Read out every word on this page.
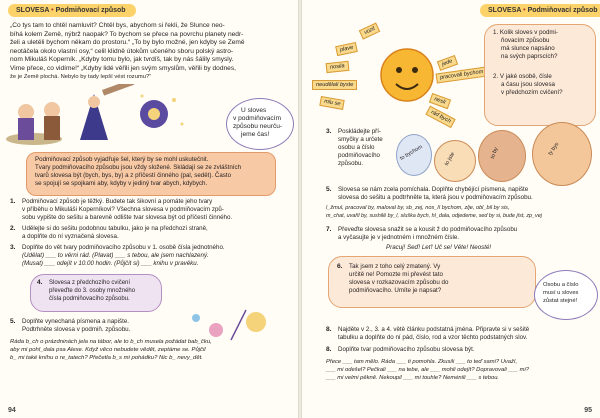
SLOVESA • Podmiňovací způsob
„Co tys tam to chtěl namluvit? Chtěl bys, abychom si řekli, že Slunce neo-
bíhá kolem Země, nýbrž naopak? To bychom se přece na povrchu planety nedr-
želi a uletěli bychom někam do prostoru.“ „To by bylo možné, jen kdyby se Země
neotáčela okolo vlastní osy,“ celil klidně útokům učeného sboru polský astro-
nom Mikuláš Koperník. „Kdyby tomu bylo, jak tvrdíš, tak by nás šálily smysly.
Vime přece, co vidíme!“ „Kdyby lidé věřili jen svým smyslům, věřili by dodnes,
že je Země plochá. Nebylo by tady lepší vést rozumu?“
U sloves
v podmiňovacím
způsobu neurču-
jeme čas!
Podmiňovací způsob vyjadřuje šel, který by se mohl uskutečnit.
Tvary podmiňovacího způsobu jsou vždy složené. Skládají se ze zvláštních
tvarů slovesa být (bych, bys, by) a z příčestí činného (pal, sedět). Často
se spojují se spojkami aby, kdyby v jediný tvar abych, kdybych.
1. Podmiňovací způsob je těžký. Budete tak šikovní a pomáte jeho tvary
v příběhu o Mikuláši Koperníkovi? Všechna slovesa v podmiňovacím způ-
sobu vypište do sešitu a barevně odlište tvar slovesa být od příčestí činného.
2. Udělejte si do sešitu podobnou tabulku, jako je na předchozí straně,
a doplňte do ní vyznačená slovesa.
3. Doplňte do vět tvary podmiňovacího způsobu v 1. osobě čísla jednotného.
(Udělat) ___ to věrni rád. (Plavat) ___ s tebou, ale jsem nachlazený.
(Musat) ___ odejít v 10.00 hodin. (Půjčit si) ___ knihu v pravěku.
4. Slovesa z předchozího cvičení
převeďte do 3. osoby množného
čísla podmiňovacího způsobu.
5. Doplňte vynechaná písmena a napište.
Podtrhněte slovesa v podmiň. způsobu.
Ráda b_ch o prázdninách jela na tábor, ale to b_ch musela požádat bab_čku,
aby mi pohl_dala psa Alexe. Když věco nebudete vědět, zeptáme se. Půjčil
b_ mi také kníhu o re_tatech? Přečetla b_s mi pohádku? Nic b_ nevy_dět.
94
SLOVESA • Podmiňovací způsob
vozil
plave
nosila
neudělali byste
mlu se
pracovali bychom
jede
nesli
rád bych
1. Kolik sloves v podmi-
ňovacím způsobu
má slunce napsáno
na svých paprscích?
2. V jaké osobě, čísle
a času jsou slovesa
v předchozím cvičení?
3. Poskládejte pří-
smyčky a určete
osobu a číslo
podmiňovacího
způsobu.
to bychom	to jste	to by	ty bys
5. Slovesa se nám zcela pomíchala. Doplňte chybějící písmena, napište
slovesa do sešitu a podtrhněte ta, která jsou v podmiňovacím způsobu.
l_žmul, pracoval by, maloval by, sb_zej, nos_lí bychom, zlje, obl_bil by sis,
m_chat, uvařil by, sushilě by_l, sluška bych, hl_dala, odjedeme, sed by si, bude jíst, zp_vej
7. Převeďte slovesa snažit se a kousit ž do podmiňovacího způsobu
a vyčasujte je v jednotném i množném čísle.
Pracuj! Seď! Leť! Uč se! Věte! Neosté!
6. Tak jsem z toho celý zmatený. Vy
určitě ne! Pomozte mi převést tato
slovesa v rozkazovacím způsobu do
podmiňovacího. Umíte je napsat?
Osobu a číslo
musí u sloves
zůstat stejné!
8. Najděte v 2., 3. a 4. větě článku podstatná jména. Připravte si v sešitě
tabulku a doplňte do ní pád, číslo, rod a vzor těchto podstatných slov.
8. Doplňte tvar podmiňovacího způsobu slovesa být.
Přece ___ tam mělo. Ráda ___ ti pomohla. Zkusili ___ to teď sami? Uvaží,
___ mi odešel? Pečkali ___ na tebe, ale ___ mohli odejít? Dopravovali ___ mi?
___ mi velmi pěkně. Nekoupil ___ mi touhle? Nemėnili ___ s tebou.
95
